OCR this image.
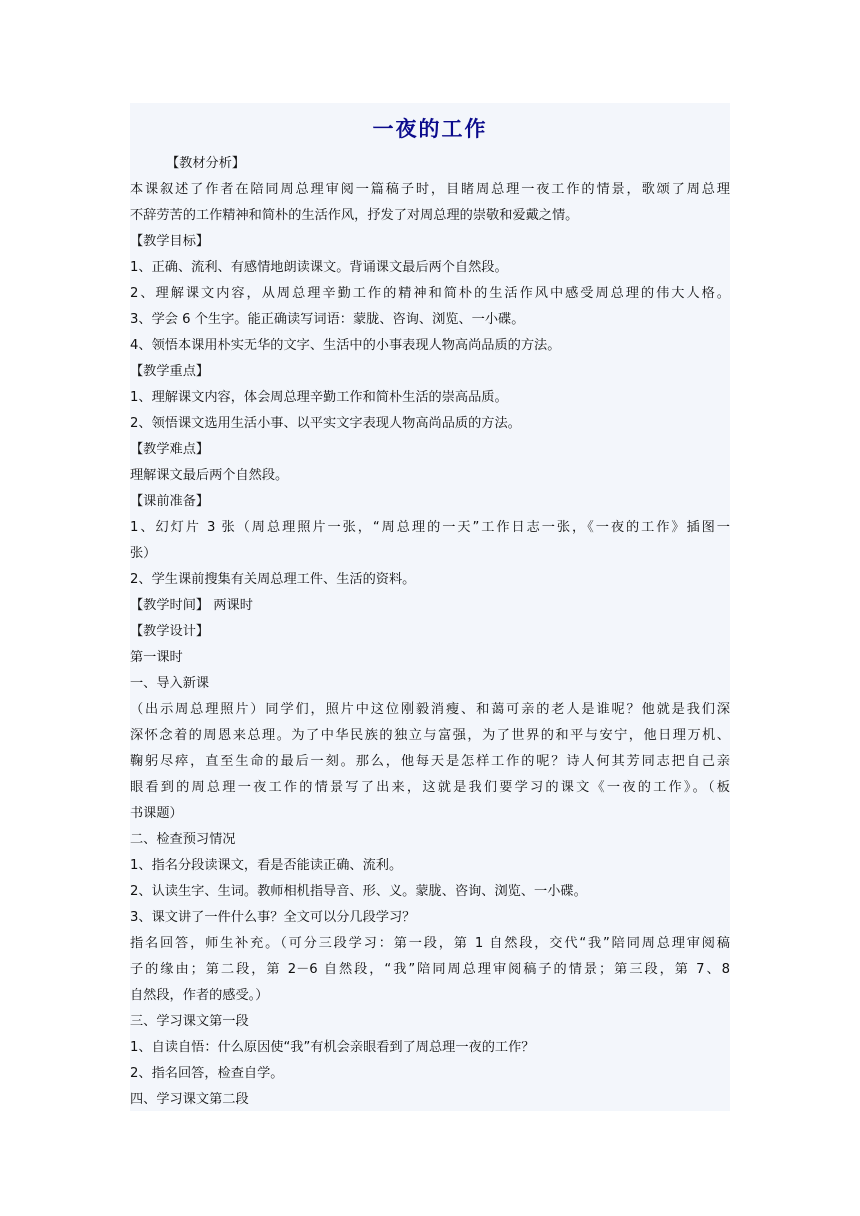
一夜的工作
【教材分析】
本课叙述了作者在陪同周总理审阅一篇稿子时，目睹周总理一夜工作的情景，歌颂了周总理
不辞劳苦的工作精神和简朴的生活作风，抒发了对周总理的崇敬和爱戴之情。
【教学目标】
1、正确、流利、有感情地朗读课文。背诵课文最后两个自然段。
2、理解课文内容，从周总理辛勤工作的精神和简朴的生活作风中感受周总理的伟大人格。
3、学会 6 个生字。能正确读写词语：蒙胧、咨询、浏览、一小碟。
4、领悟本课用朴实无华的文字、生活中的小事表现人物高尚品质的方法。
【教学重点】
1、理解课文内容，体会周总理辛勤工作和简朴生活的崇高品质。
2、领悟课文选用生活小事、以平实文字表现人物高尚品质的方法。
【教学难点】
理解课文最后两个自然段。
【课前准备】
1、幻灯片 3 张（周总理照片一张，“周总理的一天”工作日志一张，《一夜的工作》插图一
张）
2、学生课前搜集有关周总理工件、生活的资料。
【教学时间】 两课时
【教学设计】
第一课时
一、导入新课
（出示周总理照片）同学们，照片中这位刚毅消瘦、和蔼可亲的老人是谁呢？他就是我们深
深怀念着的周恩来总理。为了中华民族的独立与富强，为了世界的和平与安宁，他日理万机、
鞠躬尽瘁，直至生命的最后一刻。那么，他每天是怎样工作的呢？诗人何其芳同志把自己亲
眼看到的周总理一夜工作的情景写了出来，这就是我们要学习的课文《一夜的工作》。（板
书课题）
二、检查预习情况
1、指名分段读课文，看是否能读正确、流利。
2、认读生字、生词。教师相机指导音、形、义。蒙胧、咨询、浏览、一小碟。
3、课文讲了一件什么事？全文可以分几段学习？
指名回答，师生补充。（可分三段学习：第一段，第 1 自然段，交代“我”陪同周总理审阅稿
子的缘由；第二段，第 2－6 自然段，“我”陪同周总理审阅稿子的情景；第三段，第 7、8
自然段，作者的感受。）
三、学习课文第一段
1、自读自悟：什么原因使“我”有机会亲眼看到了周总理一夜的工作？
2、指名回答，检查自学。
四、学习课文第二段
